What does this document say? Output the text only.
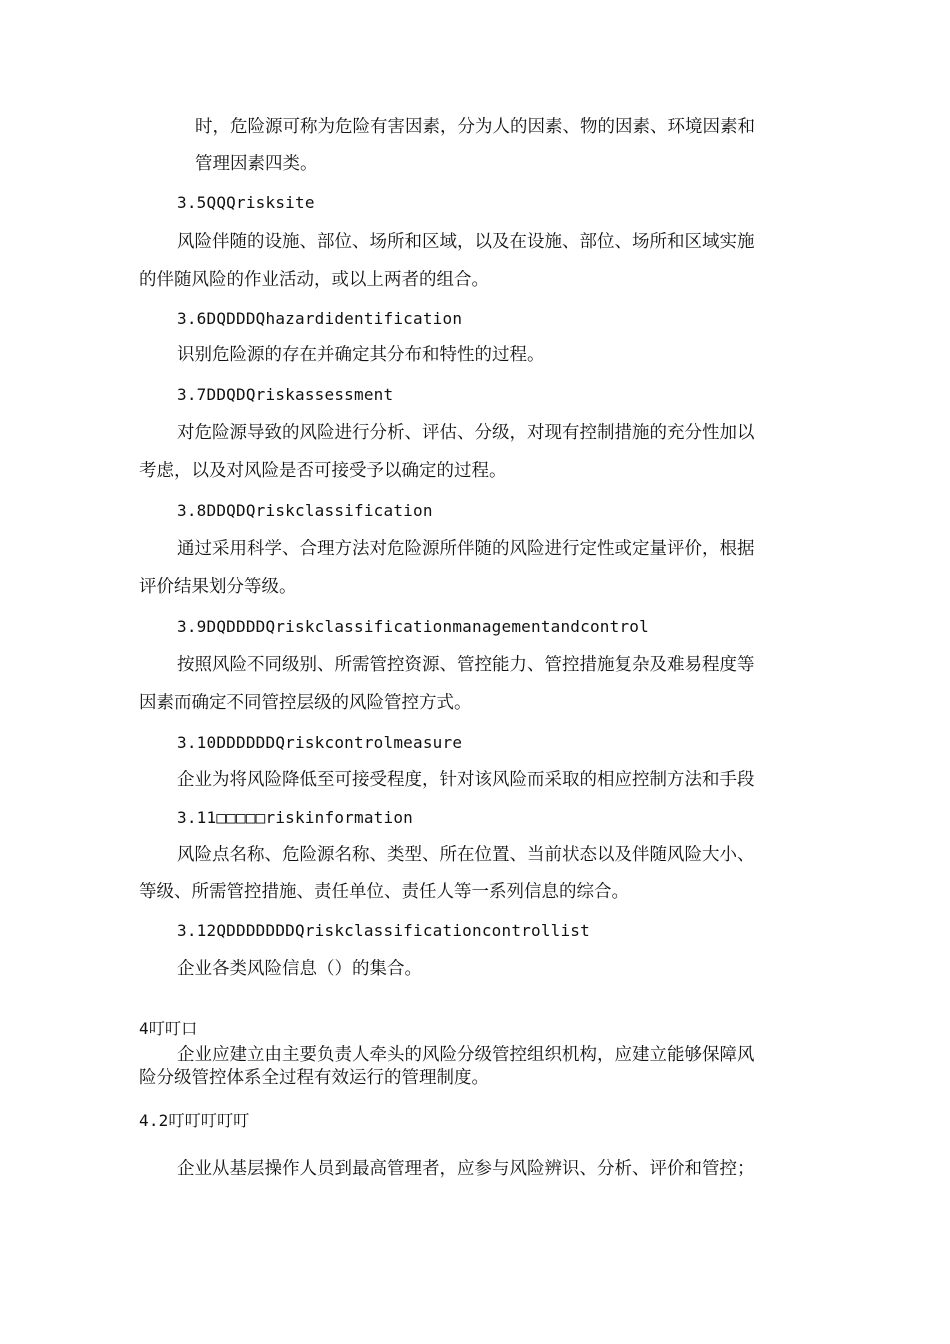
时，危险源可称为危险有害因素，分为人的因素、物的因素、环境因素和
管理因素四类。
3.5QQQrisksite
风险伴随的设施、部位、场所和区域，以及在设施、部位、场所和区域实施
的伴随风险的作业活动，或以上两者的组合。
3.6DQDDDQhazardidentification
识别危险源的存在并确定其分布和特性的过程。
3.7DDQDQriskassessment
对危险源导致的风险进行分析、评估、分级，对现有控制措施的充分性加以
考虑，以及对风险是否可接受予以确定的过程。
3.8DDQDQriskclassification
通过采用科学、合理方法对危险源所伴随的风险进行定性或定量评价，根据
评价结果划分等级。
3.9DQDDDDQriskclassificationmanagementandcontrol
按照风险不同级别、所需管控资源、管控能力、管控措施复杂及难易程度等
因素而确定不同管控层级的风险管控方式。
3.10DDDDDDQriskcontrolmeasure
企业为将风险降低至可接受程度，针对该风险而采取的相应控制方法和手段
3.11□□□□□riskinformation
风险点名称、危险源名称、类型、所在位置、当前状态以及伴随风险大小、
等级、所需管控措施、责任单位、责任人等一系列信息的综合。
3.12QDDDDDDDQriskclassificationcontrollist
企业各类风险信息（）的集合。
4叮叮口
企业应建立由主要负责人牵头的风险分级管控组织机构，应建立能够保障风
险分级管控体系全过程有效运行的管理制度。
4.2叮叮叮叮叮
企业从基层操作人员到最高管理者，应参与风险辨识、分析、评价和管控；
